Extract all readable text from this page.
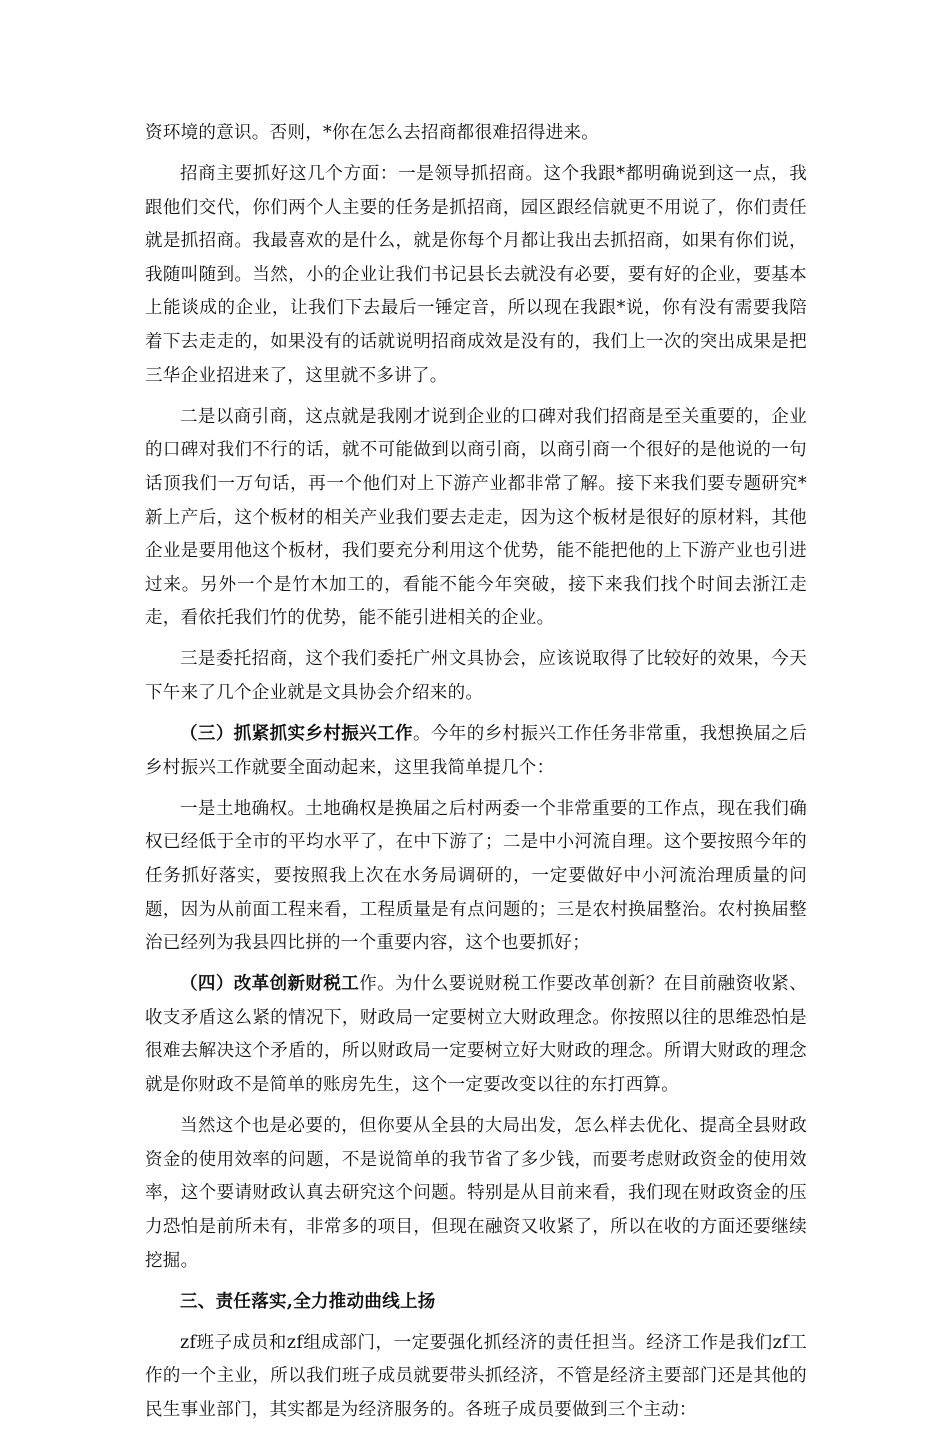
资环境的意识。否则，*你在怎么去招商都很难招得进来。

招商主要抓好这几个方面：一是领导抓招商。这个我跟*都明确说到这一点，我跟他们交代，你们两个人主要的任务是抓招商，园区跟经信就更不用说了，你们责任就是抓招商。我最喜欢的是什么，就是你每个月都让我出去抓招商，如果有你们说，我随叫随到。当然，小的企业让我们书记县长去就没有必要，要有好的企业，要基本上能谈成的企业，让我们下去最后一锤定音，所以现在我跟*说，你有没有需要我陪着下去走走的，如果没有的话就说明招商成效是没有的，我们上一次的突出成果是把三华企业招进来了，这里就不多讲了。

二是以商引商，这点就是我刚才说到企业的口碑对我们招商是至关重要的，企业的口碑对我们不行的话，就不可能做到以商引商，以商引商一个很好的是他说的一句话顶我们一万句话，再一个他们对上下游产业都非常了解。接下来我们要专题研究*新上产后，这个板材的相关产业我们要去走走，因为这个板材是很好的原材料，其他企业是要用他这个板材，我们要充分利用这个优势，能不能把他的上下游产业也引进过来。另外一个是竹木加工的，看能不能今年突破，接下来我们找个时间去浙江走走，看依托我们竹的优势，能不能引进相关的企业。

三是委托招商，这个我们委托广州文具协会，应该说取得了比较好的效果，今天下午来了几个企业就是文具协会介绍来的。

（三）抓紧抓实乡村振兴工作。今年的乡村振兴工作任务非常重，我想换届之后乡村振兴工作就要全面动起来，这里我简单提几个：

一是土地确权。土地确权是换届之后村两委一个非常重要的工作点，现在我们确权已经低于全市的平均水平了，在中下游了；二是中小河流自理。这个要按照今年的任务抓好落实，要按照我上次在水务局调研的，一定要做好中小河流治理质量的问题，因为从前面工程来看，工程质量是有点问题的；三是农村换届整治。农村换届整治已经列为我县四比拼的一个重要内容，这个也要抓好；

（四）改革创新财税工作。为什么要说财税工作要改革创新？在目前融资收紧、收支矛盾这么紧的情况下，财政局一定要树立大财政理念。你按照以往的思维恐怕是很难去解决这个矛盾的，所以财政局一定要树立好大财政的理念。所谓大财政的理念就是你财政不是简单的账房先生，这个一定要改变以往的东打西算。

当然这个也是必要的，但你要从全县的大局出发，怎么样去优化、提高全县财政资金的使用效率的问题，不是说简单的我节省了多少钱，而要考虑财政资金的使用效率，这个要请财政认真去研究这个问题。特别是从目前来看，我们现在财政资金的压力恐怕是前所未有，非常多的项目，但现在融资又收紧了，所以在收的方面还要继续挖掘。

三、责任落实,全力推动曲线上扬

zf班子成员和zf组成部门，一定要强化抓经济的责任担当。经济工作是我们zf工作的一个主业，所以我们班子成员就要带头抓经济，不管是经济主要部门还是其他的民生事业部门，其实都是为经济服务的。各班子成员要做到三个主动：
